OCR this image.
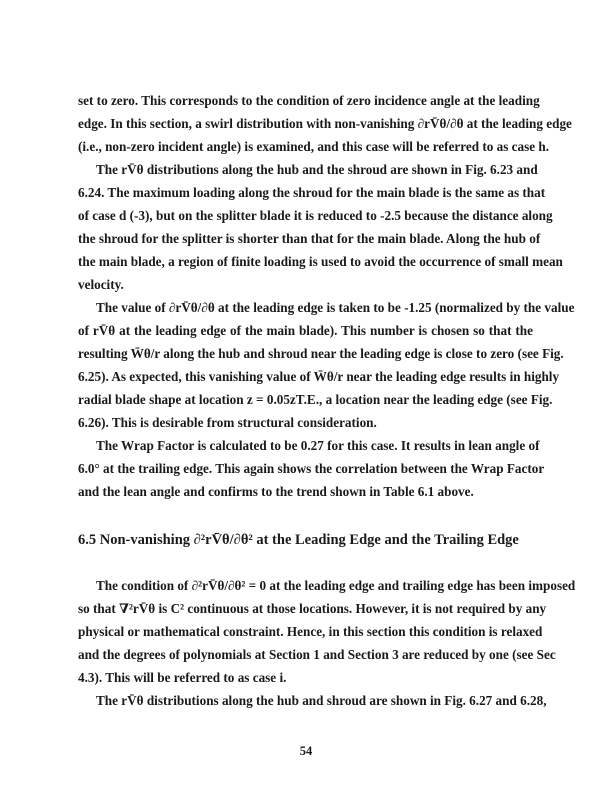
set to zero. This corresponds to the condition of zero incidence angle at the leading
edge. In this section, a swirl distribution with non-vanishing ∂rV̄θ/∂θ at the leading edge
(i.e., non-zero incident angle) is examined, and this case will be referred to as case h.
The rV̄θ distributions along the hub and the shroud are shown in Fig. 6.23 and
6.24. The maximum loading along the shroud for the main blade is the same as that
of case d (-3), but on the splitter blade it is reduced to -2.5 because the distance along
the shroud for the splitter is shorter than that for the main blade. Along the hub of
the main blade, a region of finite loading is used to avoid the occurrence of small mean
velocity.
The value of ∂rV̄θ/∂θ at the leading edge is taken to be -1.25 (normalized by the value
of rV̄θ at the leading edge of the main blade). This number is chosen so that the
resulting W̄θ/r along the hub and shroud near the leading edge is close to zero (see Fig.
6.25). As expected, this vanishing value of W̄θ/r near the leading edge results in highly
radial blade shape at location z = 0.05zT.E., a location near the leading edge (see Fig.
6.26). This is desirable from structural consideration.
The Wrap Factor is calculated to be 0.27 for this case. It results in lean angle of
6.0° at the trailing edge. This again shows the correlation between the Wrap Factor
and the lean angle and confirms to the trend shown in Table 6.1 above.
6.5 Non-vanishing ∂²rV̄θ/∂θ² at the Leading Edge and the Trailing Edge
The condition of ∂²rV̄θ/∂θ² = 0 at the leading edge and trailing edge has been imposed
so that ∇²rV̄θ is C² continuous at those locations. However, it is not required by any
physical or mathematical constraint. Hence, in this section this condition is relaxed
and the degrees of polynomials at Section 1 and Section 3 are reduced by one (see Sec
4.3). This will be referred to as case i.
The rV̄θ distributions along the hub and shroud are shown in Fig. 6.27 and 6.28,
54
